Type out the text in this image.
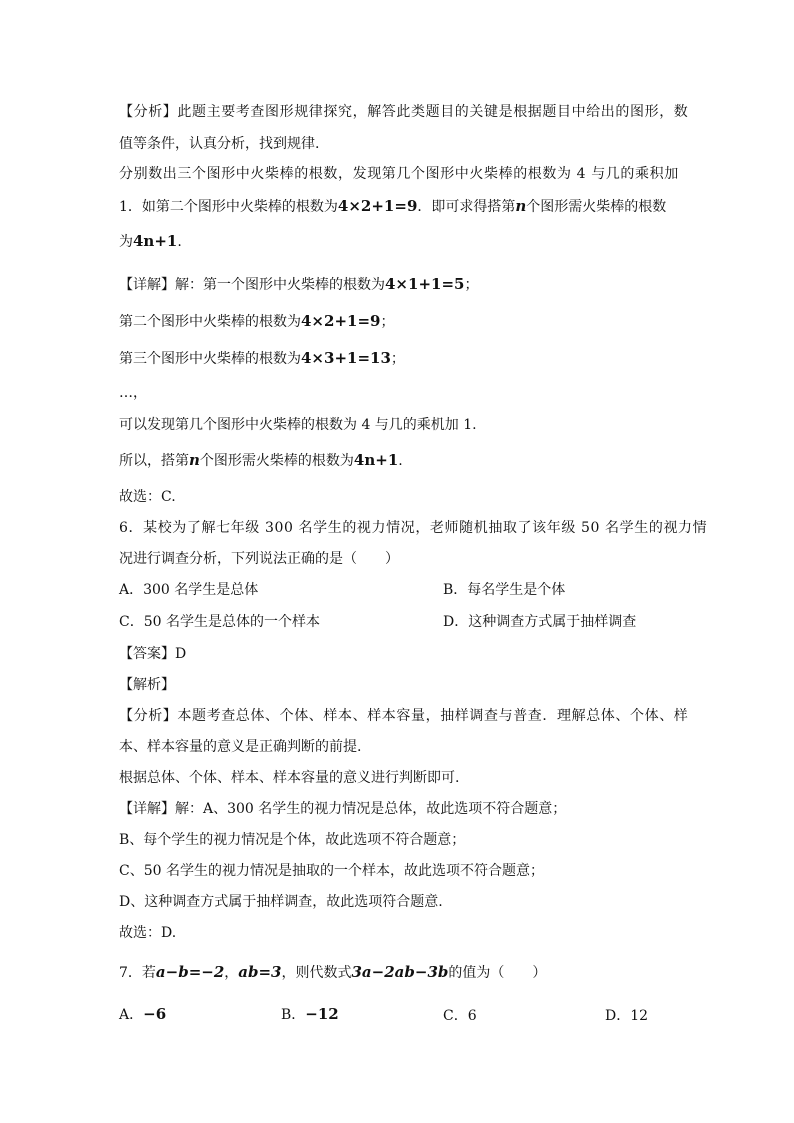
【分析】此题主要考查图形规律探究，解答此类题目的关键是根据题目中给出的图形，数
值等条件，认真分析，找到规律.
分别数出三个图形中火柴棒的根数，发现第几个图形中火柴棒的根数为 4 与几的乘积加
1．如第二个图形中火柴棒的根数为4×2+1=9．即可求得搭第n个图形需火柴棒的根数
为4n+1.
【详解】解：第一个图形中火柴棒的根数为4×1+1=5；
第二个图形中火柴棒的根数为4×2+1=9；
第三个图形中火柴棒的根数为4×3+1=13；
…，
可以发现第几个图形中火柴棒的根数为 4 与几的乘机加 1.
所以，搭第n个图形需火柴棒的根数为4n+1.
故选：C.
6．某校为了解七年级 300 名学生的视力情况，老师随机抽取了该年级 50 名学生的视力情
况进行调查分析，下列说法正确的是（　　）
A．300 名学生是总体	B．每名学生是个体
C．50 名学生是总体的一个样本	D．这种调查方式属于抽样调查
【答案】D
【解析】
【分析】本题考查总体、个体、样本、样本容量，抽样调查与普查．理解总体、个体、样
本、样本容量的意义是正确判断的前提.
根据总体、个体、样本、样本容量的意义进行判断即可.
【详解】解：A、300 名学生的视力情况是总体，故此选项不符合题意；
B、每个学生的视力情况是个体，故此选项不符合题意；
C、50 名学生的视力情况是抽取的一个样本，故此选项不符合题意；
D、这种调查方式属于抽样调查，故此选项符合题意.
故选：D.
7．若a−b=−2，ab=3，则代数式3a−2ab−3b的值为（　　）
A．−6	B．−12	C．6	D．12
